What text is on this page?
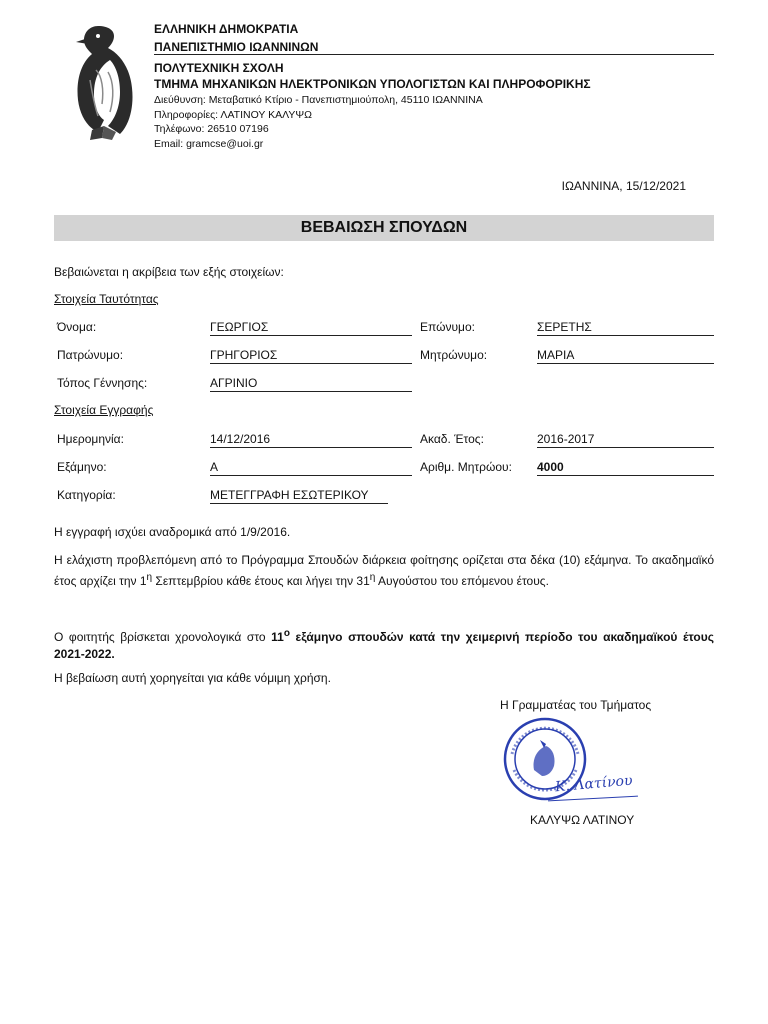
ΕΛΛΗΝΙΚΗ ΔΗΜΟΚΡΑΤΙΑ
ΠΑΝΕΠΙΣΤΗΜΙΟ ΙΩΑΝΝΙΝΩΝ
ΠΟΛΥΤΕΧΝΙΚΗ ΣΧΟΛΗ
ΤΜΗΜΑ ΜΗΧΑΝΙΚΩΝ ΗΛΕΚΤΡΟΝΙΚΩΝ ΥΠΟΛΟΓΙΣΤΩΝ ΚΑΙ ΠΛΗΡΟΦΟΡΙΚΗΣ
Διεύθυνση: Μεταβατικό Κτίριο - Πανεπιστημιούπολη, 45110 ΙΩΑΝΝΙΝΑ
Πληροφορίες: ΛΑΤΙΝΟΥ ΚΑΛΥΨΩ
Τηλέφωνο: 26510 07196
Email: gramcse@uoi.gr
ΙΩΑΝΝΙΝΑ, 15/12/2021
ΒΕΒΑΙΩΣΗ ΣΠΟΥΔΩΝ
Βεβαιώνεται η ακρίβεια των εξής στοιχείων:
Στοιχεία Ταυτότητας
Όνομα:	ΓΕΩΡΓΙΟΣ	Επώνυμο:	ΣΕΡΕΤΗΣ
Πατρώνυμο:	ΓΡΗΓΟΡΙΟΣ	Μητρώνυμο:	ΜΑΡΙΑ
Τόπος Γέννησης:	ΑΓΡΙΝΙΟ
Στοιχεία Εγγραφής
Ημερομηνία:	14/12/2016	Ακαδ. Έτος:	2016-2017
Εξάμηνο:	Α	Αριθμ. Μητρώου: 4000
Κατηγορία:	ΜΕΤΕΓΓΡΑΦΗ ΕΣΩΤΕΡΙΚΟΥ
Η εγγραφή ισχύει αναδρομικά από 1/9/2016.
Η ελάχιστη προβλεπόμενη από το Πρόγραμμα Σπουδών διάρκεια φοίτησης ορίζεται στα δέκα (10) εξάμηνα. Το ακαδημαϊκό έτος αρχίζει την $1^\eta$ Σεπτεμβρίου κάθε έτους και λήγει την $31^\eta$ Αυγούστου του επόμενου έτους.
Ο φοιτητής βρίσκεται χρονολογικά στο $11^o$ εξάμηνο σπουδών κατά την χειμερινή περίοδο του ακαδημαϊκού έτους 2021-2022.
Η βεβαίωση αυτή χορηγείται για κάθε νόμιμη χρήση.
Η Γραμματέας του Τμήματος
Κ. Λατίνου
ΚΑΛΥΨΩ ΛΑΤΙΝΟΥ
